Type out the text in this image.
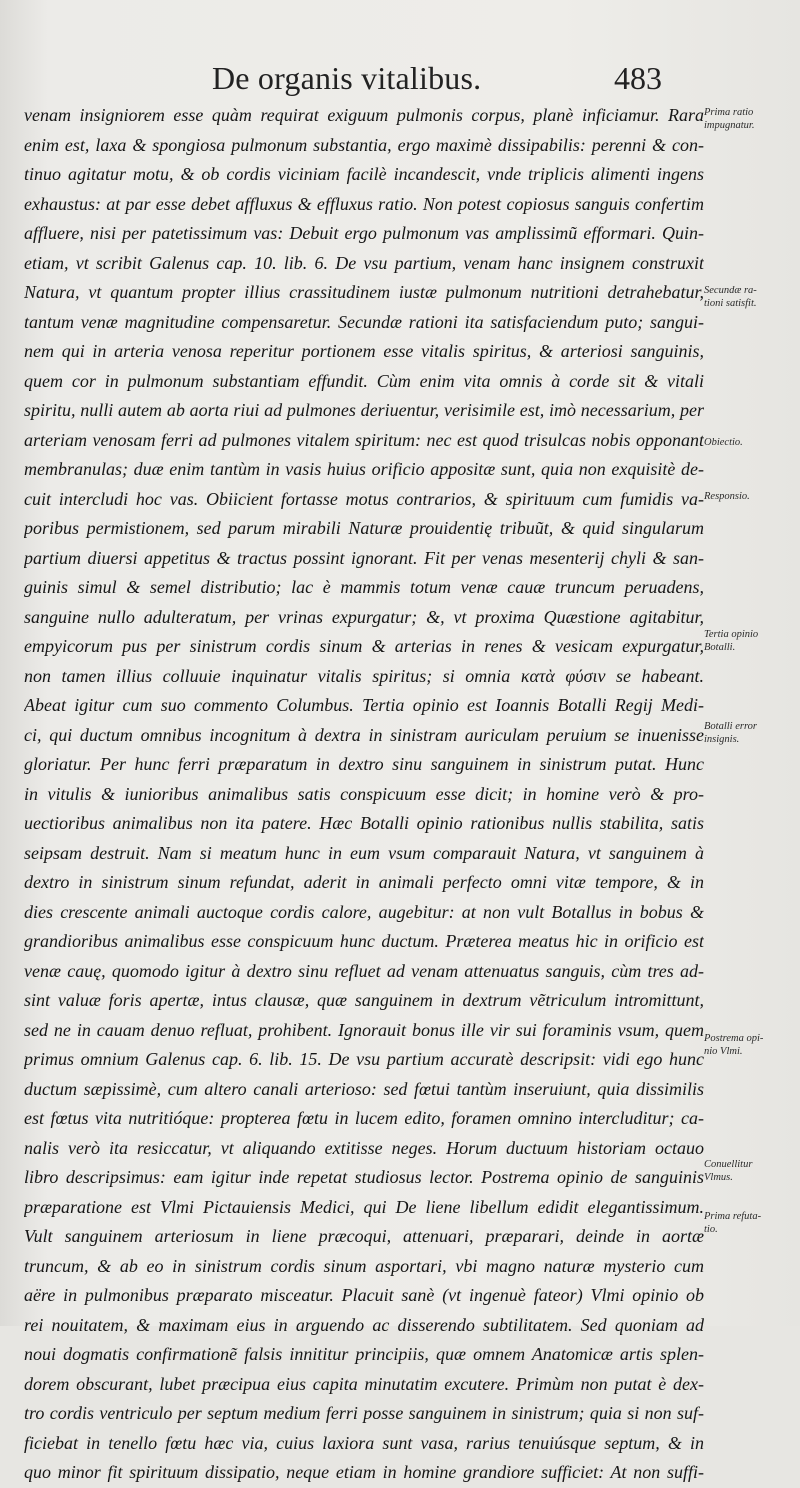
De organis vitalibus.	483
venam insigniorem esse quàm requirat exiguum pulmonis corpus, planè inficiamur. Rara
enim est, laxa & spongiosa pulmonum substantia, ergo maximè dissipabilis: perenni & con-
tinuo agitatur motu, & ob cordis viciniam facilè incandescit, vnde triplicis alimenti ingens
exhaustus: at par esse debet affluxus & effluxus ratio. Non potest copiosus sanguis confertim
affluere, nisi per patetissimum vas: Debuit ergo pulmonum vas amplissimũ efformari. Quin-
etiam, vt scribit Galenus cap. 10. lib. 6. De vsu partium, venam hanc insignem construxit
Natura, vt quantum propter illius crassitudinem iustæ pulmonum nutritioni detrahebatur,
tantum venæ magnitudine compensaretur. Secundæ rationi ita satisfaciendum puto; sangui-
nem qui in arteria venosa reperitur portionem esse vitalis spiritus, & arteriosi sanguinis,
quem cor in pulmonum substantiam effundit. Cùm enim vita omnis à corde sit & vitali
spiritu, nulli autem ab aorta riui ad pulmones deriuentur, verisimile est, imò necessarium, per
arteriam venosam ferri ad pulmones vitalem spiritum: nec est quod trisulcas nobis opponant
membranulas; duæ enim tantùm in vasis huius orificio appositæ sunt, quia non exquisitè de-
cuit intercludi hoc vas. Obiicient fortasse motus contrarios, & spirituum cum fumidis va-
poribus permistionem, sed parum mirabili Naturæ prouidentię tribuũt, & quid singularum
partium diuersi appetitus & tractus possint ignorant. Fit per venas mesenterij chyli & san-
guinis simul & semel distributio; lac è mammis totum venæ cauæ truncum peruadens,
sanguine nullo adulteratum, per vrinas expurgatur; &, vt proxima Quæstione agitabitur,
empyicorum pus per sinistrum cordis sinum & arterias in renes & vesicam expurgatur,
non tamen illius colluuie inquinatur vitalis spiritus; si omnia κατὰ φύσιν se habeant.
Abeat igitur cum suo commento Columbus. Tertia opinio est Ioannis Botalli Regij Medi-
ci, qui ductum omnibus incognitum à dextra in sinistram auriculam peruium se inuenisse
gloriatur. Per hunc ferri præparatum in dextro sinu sanguinem in sinistrum putat. Hunc
in vitulis & iunioribus animalibus satis conspicuum esse dicit; in homine verò & pro-
uectioribus animalibus non ita patere. Hæc Botalli opinio rationibus nullis stabilita, satis
seipsam destruit. Nam si meatum hunc in eum vsum comparauit Natura, vt sanguinem à
dextro in sinistrum sinum refundat, aderit in animali perfecto omni vitæ tempore, & in
dies crescente animali auctoque cordis calore, augebitur: at non vult Botallus in bobus &
grandioribus animalibus esse conspicuum hunc ductum. Præterea meatus hic in orificio est
venæ cauę, quomodo igitur à dextro sinu refluet ad venam attenuatus sanguis, cùm tres ad-
sint valuæ foris apertæ, intus clausæ, quæ sanguinem in dextrum vẽtriculum intromittunt,
sed ne in cauam denuo refluat, prohibent. Ignorauit bonus ille vir sui foraminis vsum, quem
primus omnium Galenus cap. 6. lib. 15. De vsu partium accuratè descripsit: vidi ego hunc
ductum sæpissimè, cum altero canali arterioso: sed fœtui tantùm inseruiunt, quia dissimilis
est fœtus vita nutritióque: propterea fœtu in lucem edito, foramen omnino intercluditur; ca-
nalis verò ita resiccatur, vt aliquando extitisse neges. Horum ductuum historiam octauo
libro descripsimus: eam igitur inde repetat studiosus lector. Postrema opinio de sanguinis
præparatione est Vlmi Pictauiensis Medici, qui De liene libellum edidit elegantissimum.
Vult sanguinem arteriosum in liene præcoqui, attenuari, præparari, deinde in aortæ
truncum, & ab eo in sinistrum cordis sinum asportari, vbi magno naturæ mysterio cum
aëre in pulmonibus præparato misceatur. Placuit sanè (vt ingenuè fateor) Vlmi opinio ob
rei nouitatem, & maximam eius in arguendo ac disserendo subtilitatem. Sed quoniam ad
noui dogmatis confirmationẽ falsis innititur principiis, quæ omnem Anatomicæ artis splen-
dorem obscurant, lubet præcipua eius capita minutatim excutere. Primùm non putat è dex-
tro cordis ventriculo per septum medium ferri posse sanguinem in sinistrum; quia si non suf-
ficiebat in tenello fœtu hæc via, cuius laxiora sunt vasa, rarius tenuiúsque septum, & in
quo minor fit spirituum dissipatio, neque etiam in homine grandiore sufficiet: At non suffi-
Prima ratio
impugnatur.
Secundæ ra-
tioni satisfit.
Obiectio.
Responsio.
Tertia opinio
Botalli.
Botalli error
insignis.
Postrema opi-
nio Vlmi.
Conuellitur
Vlmus.
Prima refuta-
tio.
